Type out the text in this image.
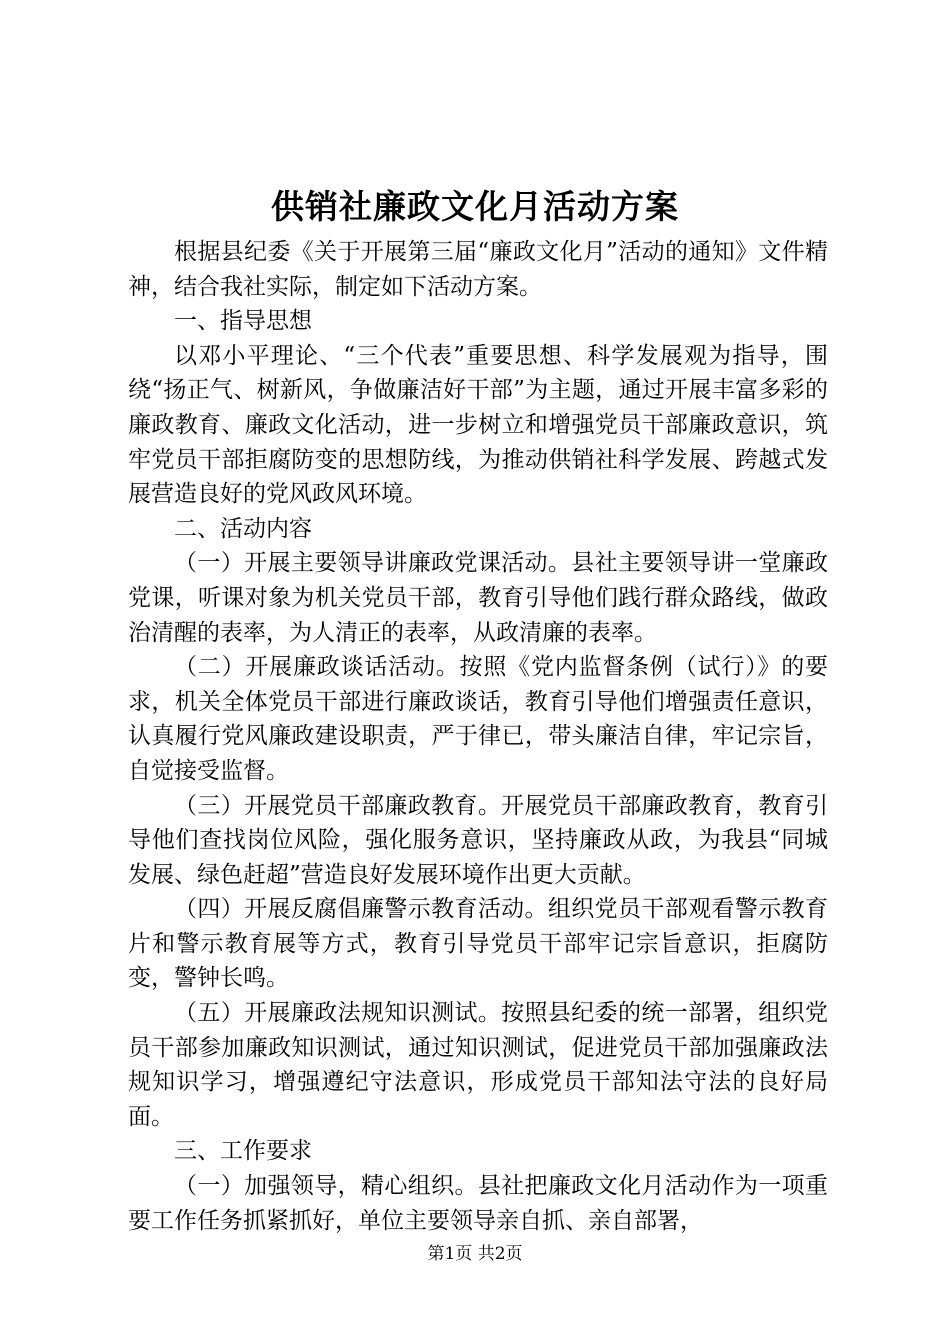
供销社廉政文化月活动方案

根据县纪委《关于开展第三届“廉政文化月”活动的通知》文件精神，结合我社实际，制定如下活动方案。

一、指导思想

以邓小平理论、“三个代表”重要思想、科学发展观为指导，围绕“扬正气、树新风，争做廉洁好干部”为主题，通过开展丰富多彩的廉政教育、廉政文化活动，进一步树立和增强党员干部廉政意识，筑牢党员干部拒腐防变的思想防线，为推动供销社科学发展、跨越式发展营造良好的党风政风环境。

二、活动内容

（一）开展主要领导讲廉政党课活动。县社主要领导讲一堂廉政党课，听课对象为机关党员干部，教育引导他们践行群众路线，做政治清醒的表率，为人清正的表率，从政清廉的表率。

（二）开展廉政谈话活动。按照《党内监督条例（试行）》的要求，机关全体党员干部进行廉政谈话，教育引导他们增强责任意识，认真履行党风廉政建设职责，严于律已，带头廉洁自律，牢记宗旨，自觉接受监督。

（三）开展党员干部廉政教育。开展党员干部廉政教育，教育引导他们查找岗位风险，强化服务意识，坚持廉政从政，为我县“同城发展、绿色赶超”营造良好发展环境作出更大贡献。

（四）开展反腐倡廉警示教育活动。组织党员干部观看警示教育片和警示教育展等方式，教育引导党员干部牢记宗旨意识，拒腐防变，警钟长鸣。

（五）开展廉政法规知识测试。按照县纪委的统一部署，组织党员干部参加廉政知识测试，通过知识测试，促进党员干部加强廉政法规知识学习，增强遵纪守法意识，形成党员干部知法守法的良好局面。

三、工作要求

（一）加强领导，精心组织。县社把廉政文化月活动作为一项重要工作任务抓紧抓好，单位主要领导亲自抓、亲自部署，

第1页 共2页
